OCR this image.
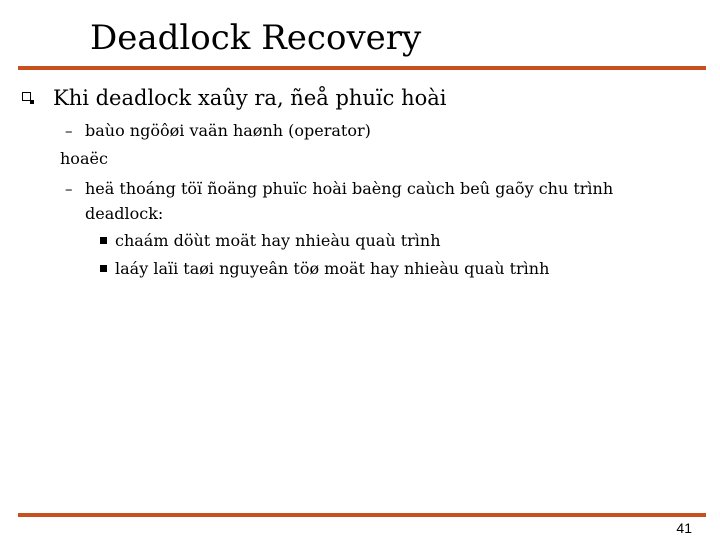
Deadlock Recovery
Khi deadlock xaûy ra, ñeå phuïc hoài
– baùo ngöôøi vaän haønh (operator)
hoaëc
– heä thoáng töï ñoäng phuïc hoài baèng caùch beû gaõy chu trình
deadlock:
chaám döùt moät hay nhieàu quaù trình
laáy laïi taøi nguyeân töø moät hay nhieàu quaù trình
41
